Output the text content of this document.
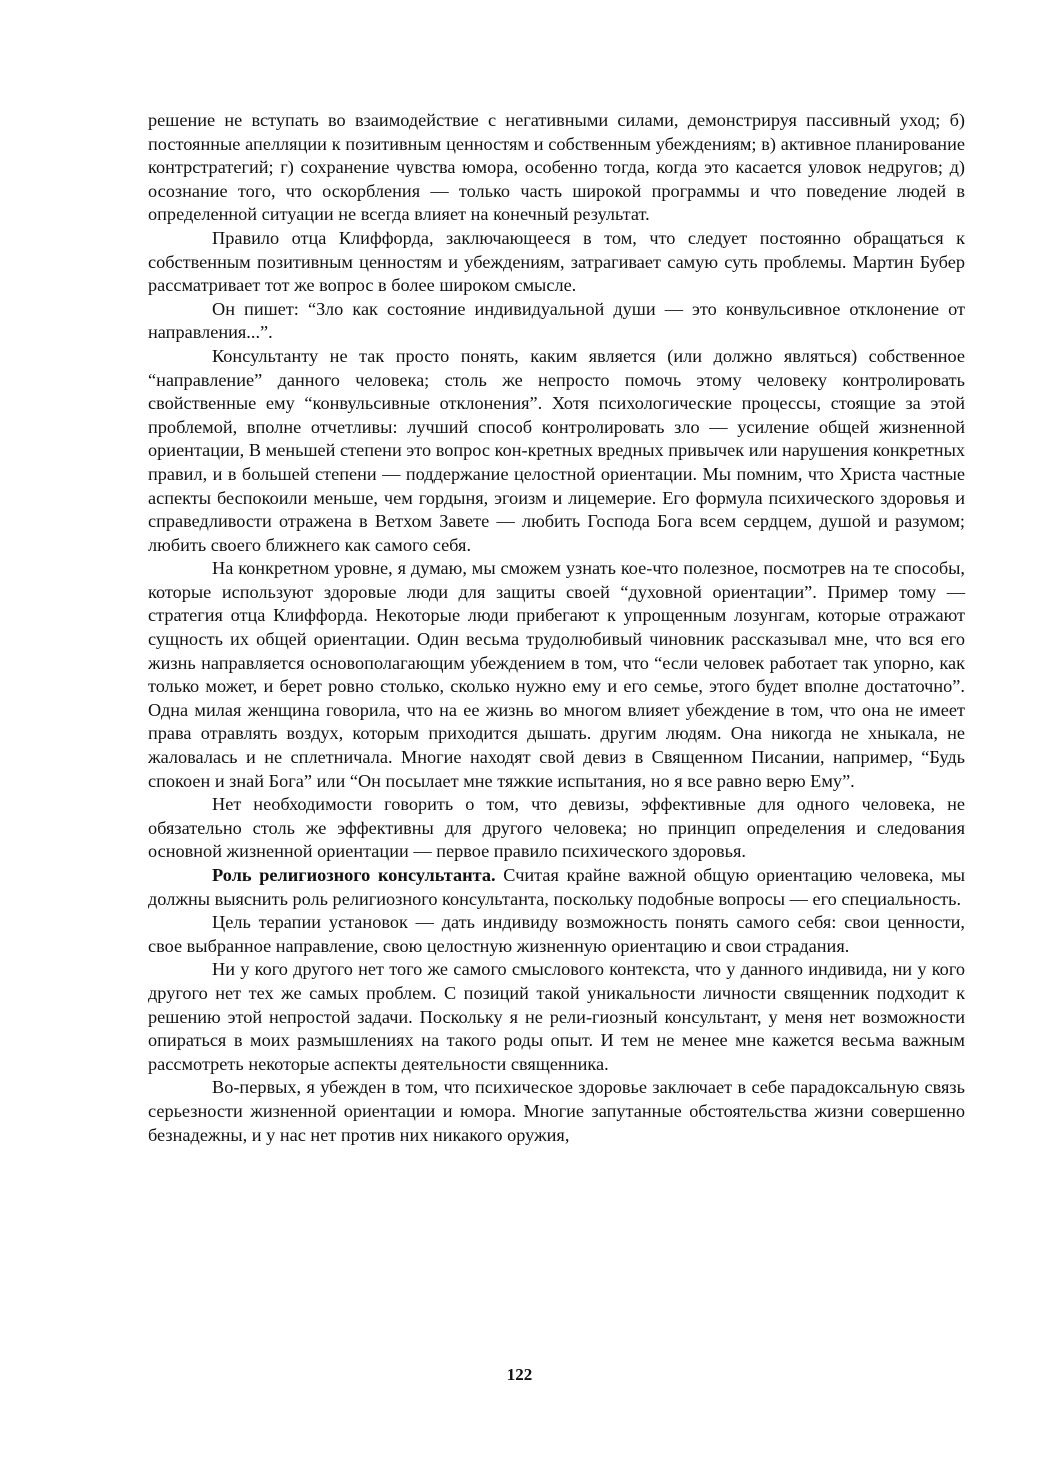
решение не вступать во взаимодействие с негативными силами, демонстрируя пассивный уход; б) постоянные апелляции к позитивным ценностям и собственным убеждениям; в) активное планирование контрстратегий; г) сохранение чувства юмора, особенно тогда, когда это касается уловок недругов; д) осознание того, что оскорбления — только часть широкой программы и что поведение людей в определенной ситуации не всегда влияет на конечный результат.

Правило отца Клиффорда, заключающееся в том, что следует постоянно обращаться к собственным позитивным ценностям и убеждениям, затрагивает самую суть проблемы. Мартин Бубер рассматривает тот же вопрос в более широком смысле.

Он пишет: “Зло как состояние индивидуальной души — это конвульсивное отклонение от направления...”.

Консультанту не так просто понять, каким является (или должно являться) собственное “направление” данного человека; столь же непросто помочь этому человеку контролировать свойственные ему “конвульсивные отклонения”. Хотя психологические процессы, стоящие за этой проблемой, вполне отчетливы: лучший способ контролировать зло — усиление общей жизненной ориентации, В меньшей степени это вопрос кон-кретных вредных привычек или нарушения конкретных правил, и в большей степени — поддержание целостной ориентации. Мы помним, что Христа частные аспекты беспокоили меньше, чем гордыня, эгоизм и лицемерие. Его формула психического здоровья и справедливости отражена в Ветхом Завете — любить Господа Бога всем сердцем, душой и разумом; любить своего ближнего как самого себя.

На конкретном уровне, я думаю, мы сможем узнать кое-что полезное, посмотрев на те способы, которые используют здоровые люди для защиты своей “духовной ориентации”. Пример тому — стратегия отца Клиффорда. Некоторые люди прибегают к упрощенным лозунгам, которые отражают сущность их общей ориентации. Один весьма трудолюбивый чиновник рассказывал мне, что вся его жизнь направляется основополагающим убеждением в том, что “если человек работает так упорно, как только может, и берет ровно столько, сколько нужно ему и его семье, этого будет вполне достаточно”. Одна милая женщина говорила, что на ее жизнь во многом влияет убеждение в том, что она не имеет права отравлять воздух, которым приходится дышать. другим людям. Она никогда не хныкала, не жаловалась и не сплетничала. Многие находят свой девиз в Священном Писании, например, “Будь спокоен и знай Бога” или “Он посылает мне тяжкие испытания, но я все равно верю Ему”.

Нет необходимости говорить о том, что девизы, эффективные для одного человека, не обязательно столь же эффективны для другого человека; но принцип определения и следования основной жизненной ориентации — первое правило психического здоровья.

Роль религиозного консультанта. Считая крайне важной общую ориентацию человека, мы должны выяснить роль религиозного консультанта, поскольку подобные вопросы — его специальность.

Цель терапии установок — дать индивиду возможность понять самого себя: свои ценности, свое выбранное направление, свою целостную жизненную ориентацию и свои страдания.

Ни у кого другого нет того же самого смыслового контекста, что у данного индивида, ни у кого другого нет тех же самых проблем. С позиций такой уникальности личности священник подходит к решению этой непростой задачи. Поскольку я не рели-гиозный консультант, у меня нет возможности опираться в моих размышлениях на такого роды опыт. И тем не менее мне кажется весьма важным рассмотреть некоторые аспекты деятельности священника.

Во-первых, я убежден в том, что психическое здоровье заключает в себе парадоксальную связь серьезности жизненной ориентации и юмора. Многие запутанные обстоятельства жизни совершенно безнадежны, и у нас нет против них никакого оружия,

122
